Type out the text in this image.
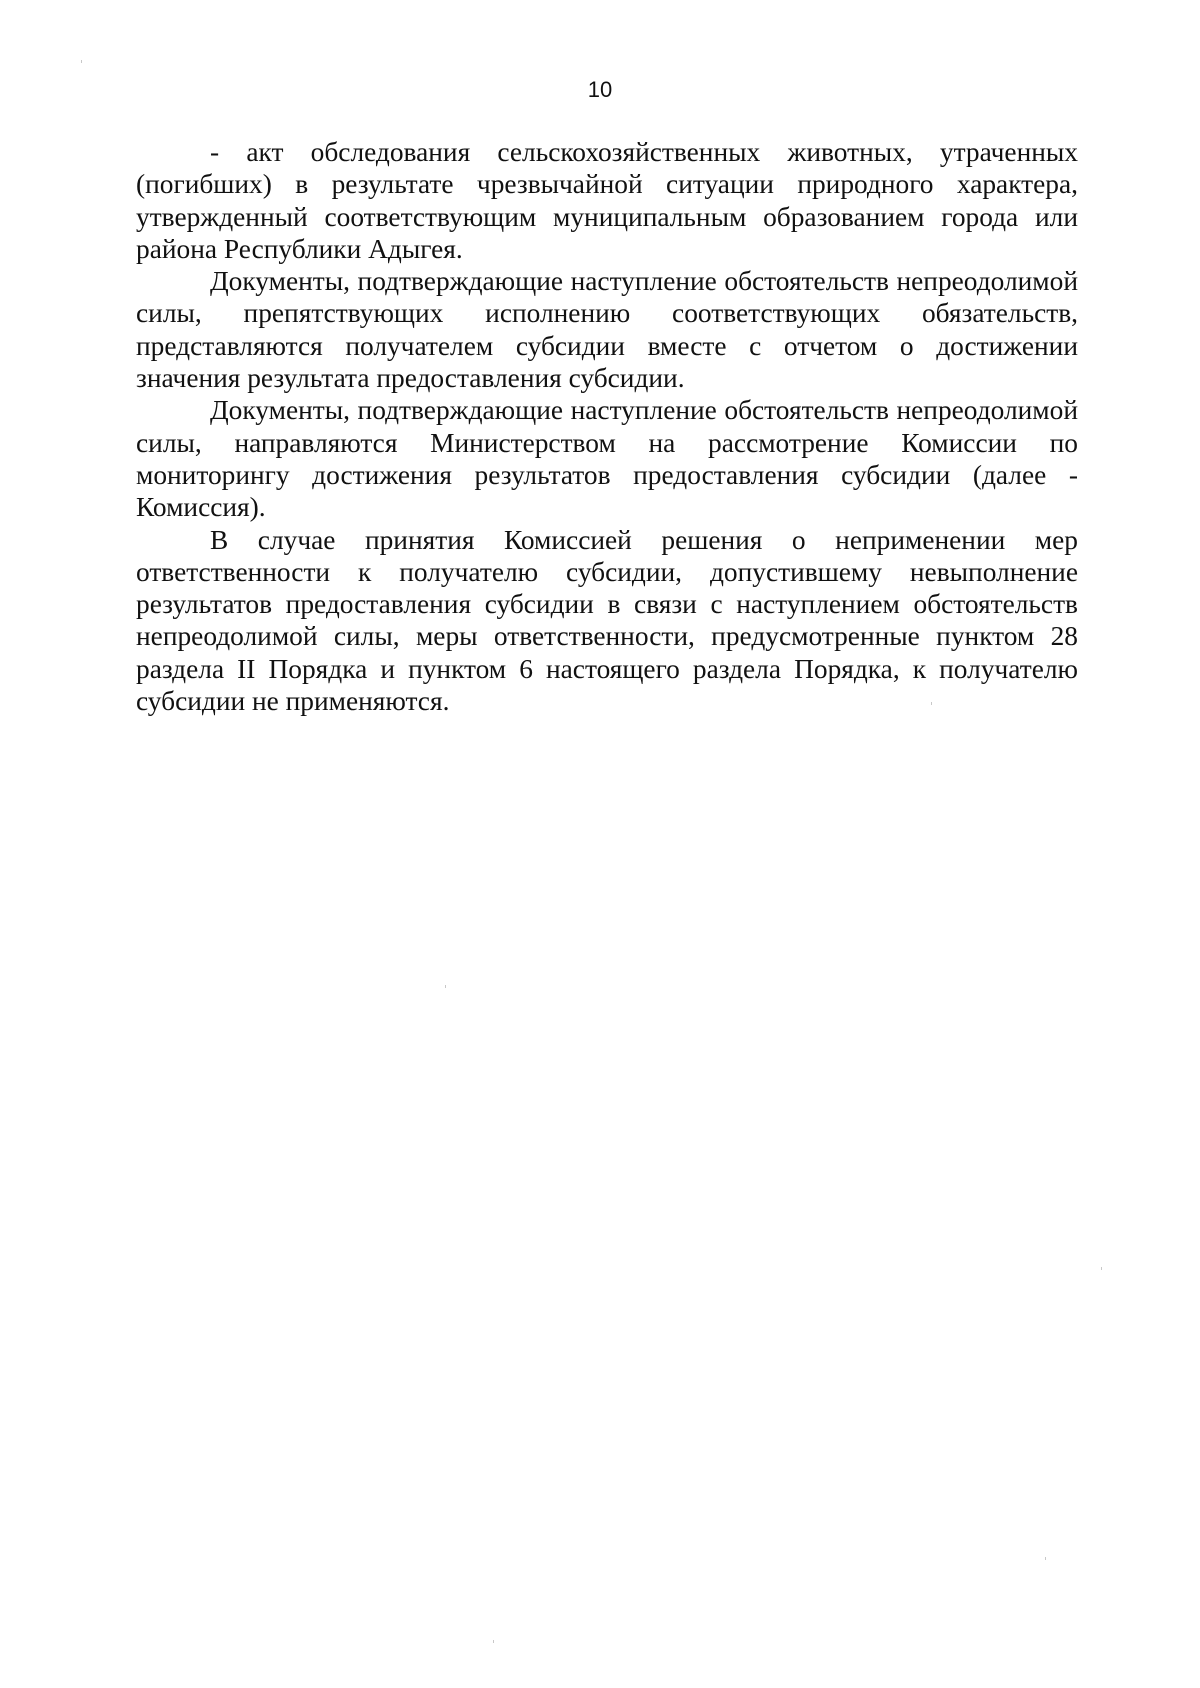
10

- акт обследования сельскохозяйственных животных, утраченных (погибших) в результате чрезвычайной ситуации природного характера, утвержденный соответствующим муниципальным образованием города или района Республики Адыгея.

Документы, подтверждающие наступление обстоятельств непреодолимой силы, препятствующих исполнению соответствующих обязательств, представляются получателем субсидии вместе с отчетом о достижении значения результата предоставления субсидии.

Документы, подтверждающие наступление обстоятельств непреодолимой силы, направляются Министерством на рассмотрение Комиссии по мониторингу достижения результатов предоставления субсидии (далее - Комиссия).

В случае принятия Комиссией решения о неприменении мер ответственности к получателю субсидии, допустившему невыполнение результатов предоставления субсидии в связи с наступлением обстоятельств непреодолимой силы, меры ответственности, предусмотренные пунктом 28 раздела II Порядка и пунктом 6 настоящего раздела Порядка, к получателю субсидии не применяются.
